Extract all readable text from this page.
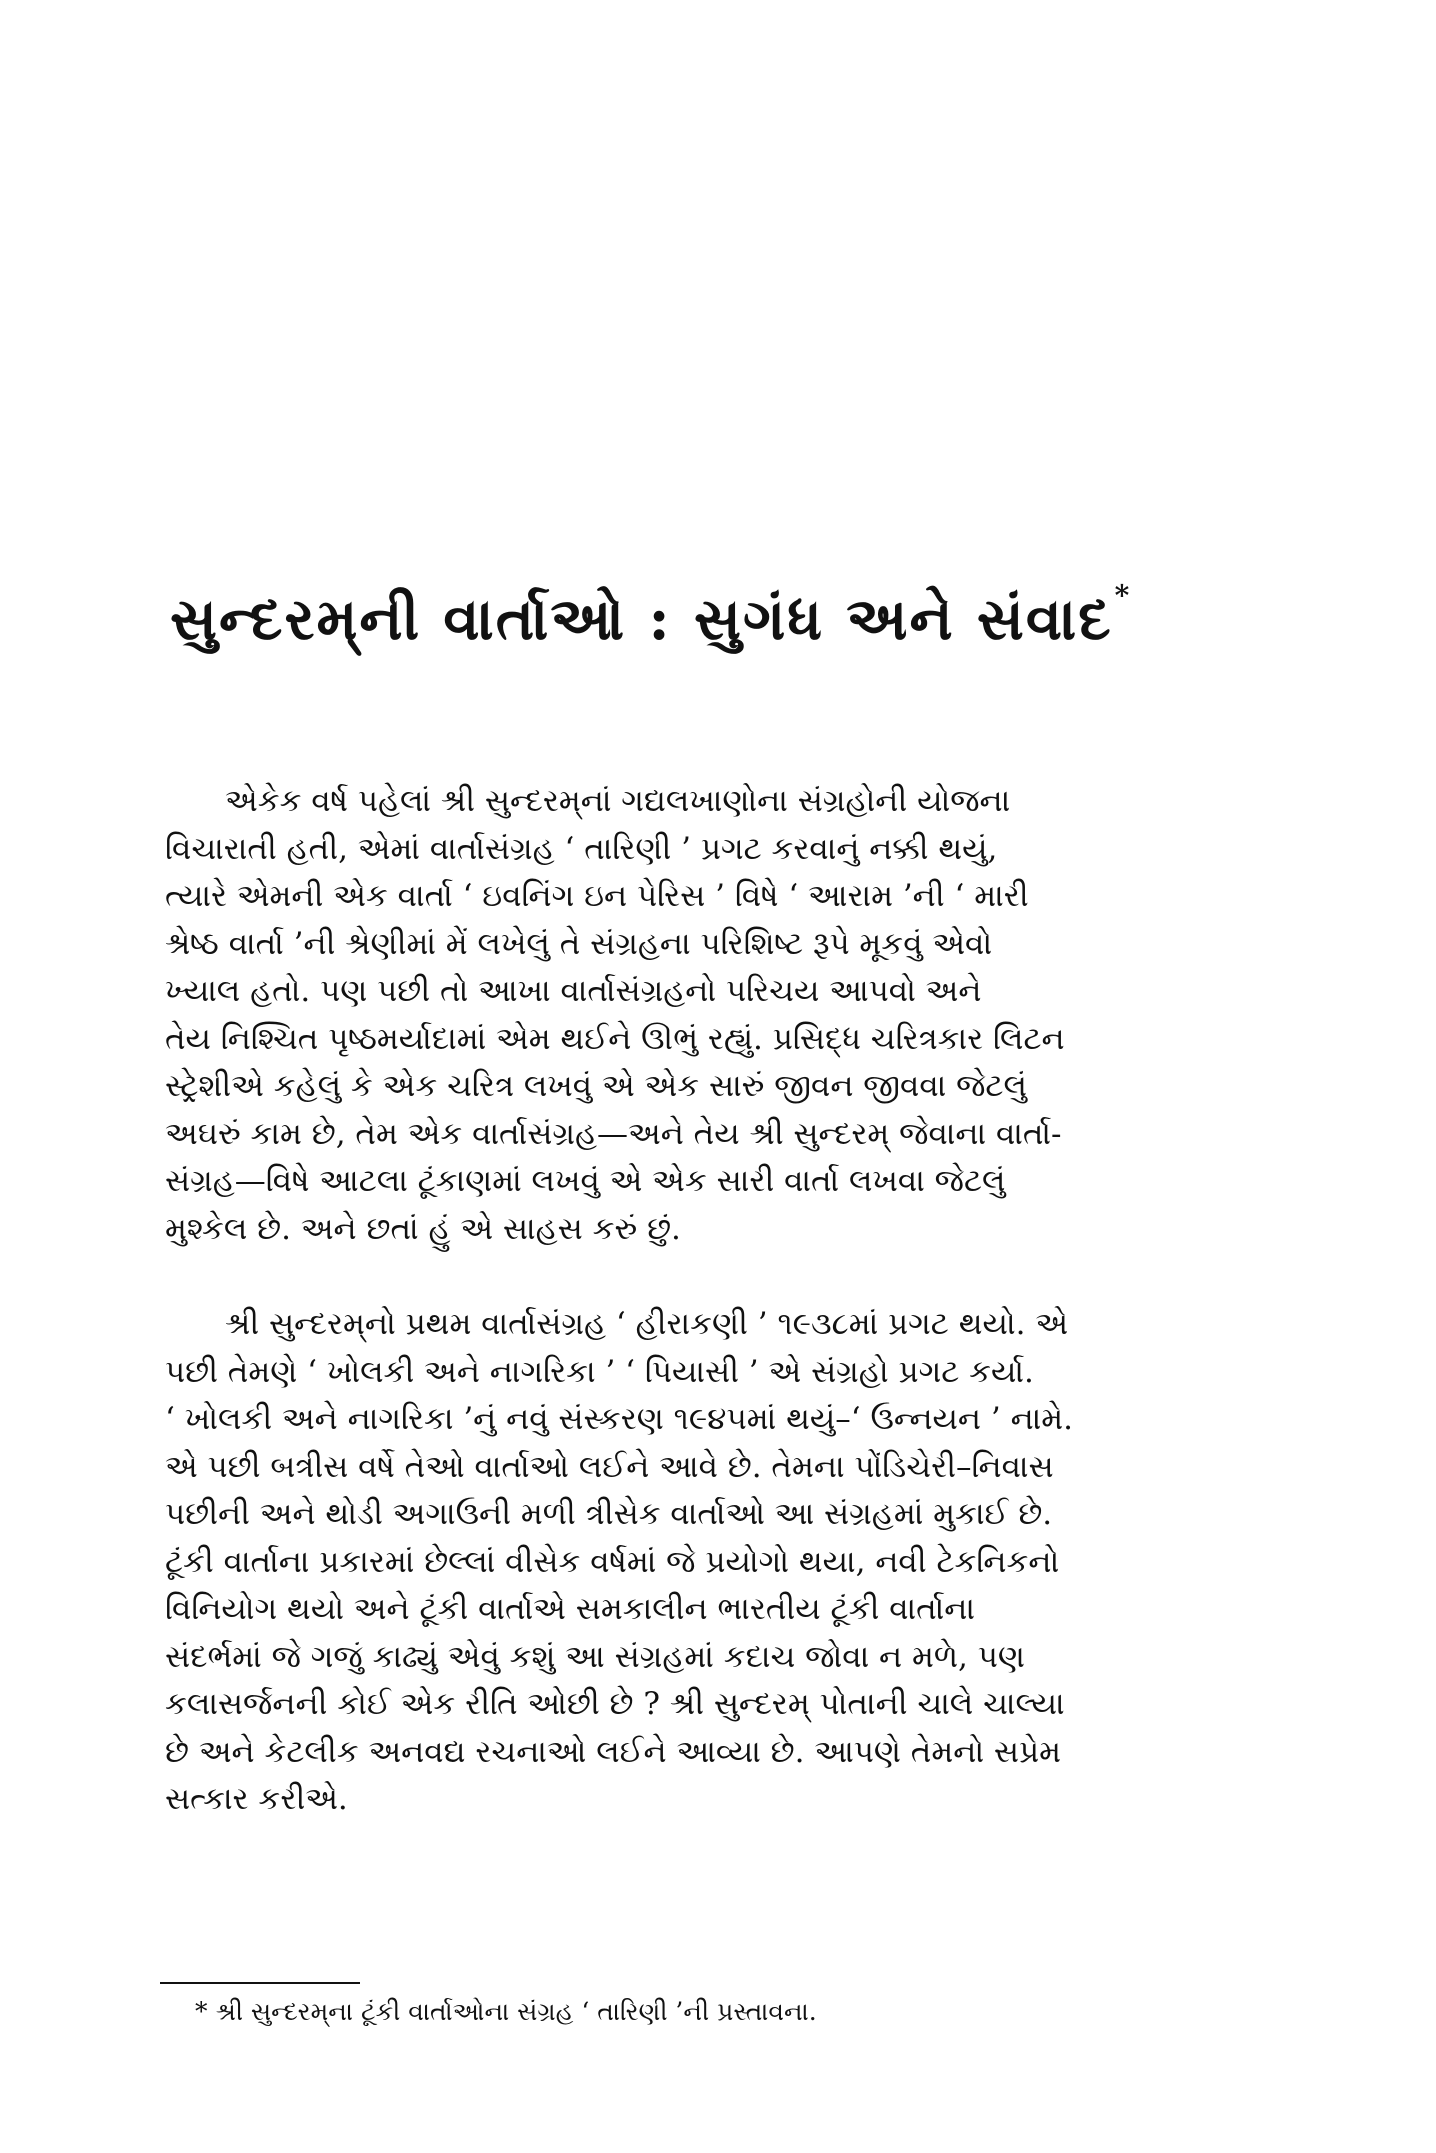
સુન્દરમ્‌ની વાર્તાઓ : સુગંધ અને સંવાદ*
એકેક વર્ષ પહેલાં શ્રી સુન્દરમ્‌નાં ગદ્યલખાણોના સંગ્રહોની યોજના
વિચારાતી હતી, એમાં વાર્તાસંગ્રહ ‘ તારિણી ’ પ્રગટ કરવાનું નક્કી થયું,
ત્યારે એમની એક વાર્તા ‘ ઇવનિંગ ઇન પેરિસ ’ વિષે ‘ આરામ ’ની ‘ મારી
શ્રેષ્ઠ વાર્તા ’ની શ્રેણીમાં મેં લખેલું તે સંગ્રહના પરિશિષ્ટ રૂપે મૂકવું એવો
ખ્યાલ હતો. પણ પછી તો આખા વાર્તાસંગ્રહનો પરિચય આપવો અને
તેય નિશ્ચિત પૃષ્ઠમર્યાદામાં એમ થઈને ઊભું રહ્યું. પ્રસિદ્ધ ચરિત્રકાર લિટન
સ્ટ્રેશીએ કહેલું કે એક ચરિત્ર લખવું એ એક સારું જીવન જીવવા જેટલું
અઘરું કામ છે, તેમ એક વાર્તાસંગ્રહ—અને તેય શ્રી સુન્દરમ્ જેવાના વાર્તા-
સંગ્રહ—વિષે આટલા ટૂંકાણમાં લખવું એ એક સારી વાર્તા લખવા જેટલું
મુશ્કેલ છે. અને છતાં હું એ સાહસ કરું છું.
શ્રી સુન્દરમ્‌નો પ્રથમ વાર્તાસંગ્રહ ‘ હીરાકણી ’ ૧૯૩૮માં પ્રગટ થયો. એ
પછી તેમણે ‘ ખોલકી અને નાગરિકા ’ ‘ પિયાસી ’ એ સંગ્રહો પ્રગટ કર્યા.
‘ ખોલકી અને નાગરિકા ’નું નવું સંસ્કરણ ૧૯૪૫માં થયું–‘ ઉન્નયન ’ નામે.
એ પછી બત્રીસ વર્ષે તેઓ વાર્તાઓ લઈને આવે છે. તેમના પોંડિચેરી–નિવાસ
પછીની અને થોડી અગાઉની મળી ત્રીસેક વાર્તાઓ આ સંગ્રહમાં મુકાઈ છે.
ટૂંકી વાર્તાના પ્રકારમાં છેલ્લાં વીસેક વર્ષમાં જે પ્રયોગો થયા, નવી ટેકનિકનો
વિનિયોગ થયો અને ટૂંકી વાર્તાએ સમકાલીન ભારતીય ટૂંકી વાર્તાના
સંદર્ભમાં જે ગજું કાઢ્યું એવું કશું આ સંગ્રહમાં કદાચ જોવા ન મળે, પણ
કલાસર્જનની કોઈ એક રીતિ ઓછી છે ? શ્રી સુન્દરમ્ પોતાની ચાલે ચાલ્યા
છે અને કેટલીક અનવદ્ય રચનાઓ લઈને આવ્યા છે. આપણે તેમનો સપ્રેમ
સત્કાર કરીએ.
* શ્રી સુન્દરમ્‌ના ટૂંકી વાર્તાઓના સંગ્રહ ‘ તારિણી ’ની પ્રસ્તાવના.
